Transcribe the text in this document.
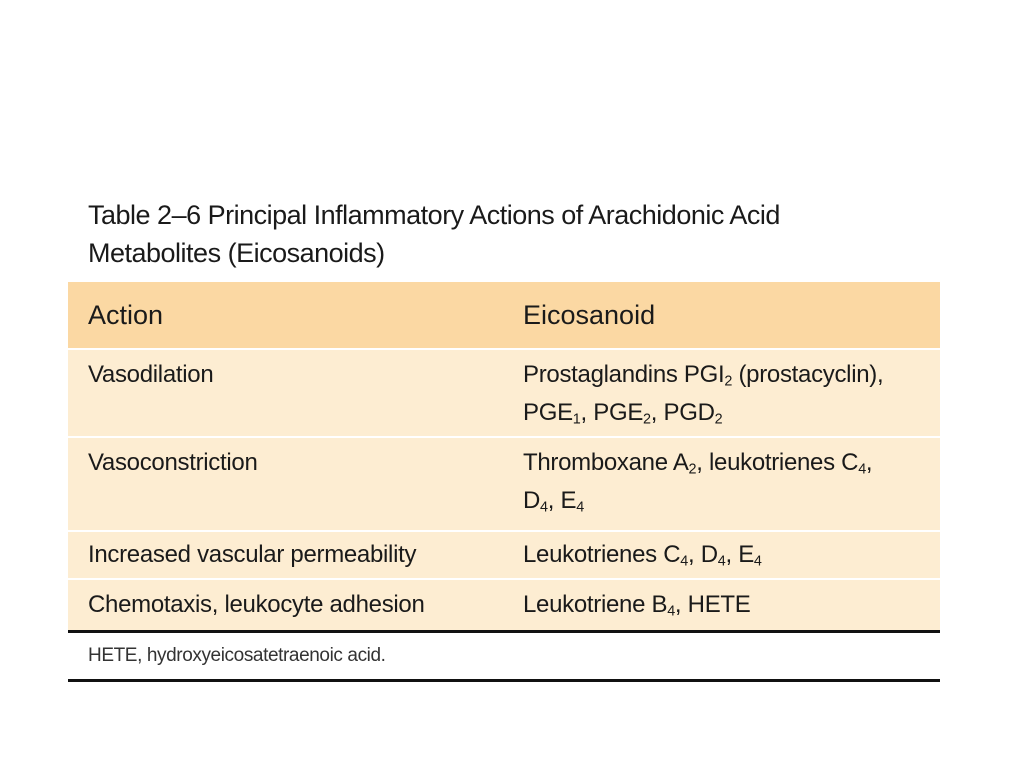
Table 2–6 Principal Inflammatory Actions of Arachidonic Acid
Metabolites (Eicosanoids)
Action	Eicosanoid
Vasodilation	Prostaglandins $PGI_2$ (prostacyclin),
$PGE_1$, $PGE_2$, $PGD_2$
Vasoconstriction	Thromboxane $A_2$, leukotrienes $C_4$,
$D_4$, $E_4$
Increased vascular permeability	Leukotrienes $C_4$, $D_4$, $E_4$
Chemotaxis, leukocyte adhesion	Leukotriene $B_4$, HETE
HETE, hydroxyeicosatetraenoic acid.
